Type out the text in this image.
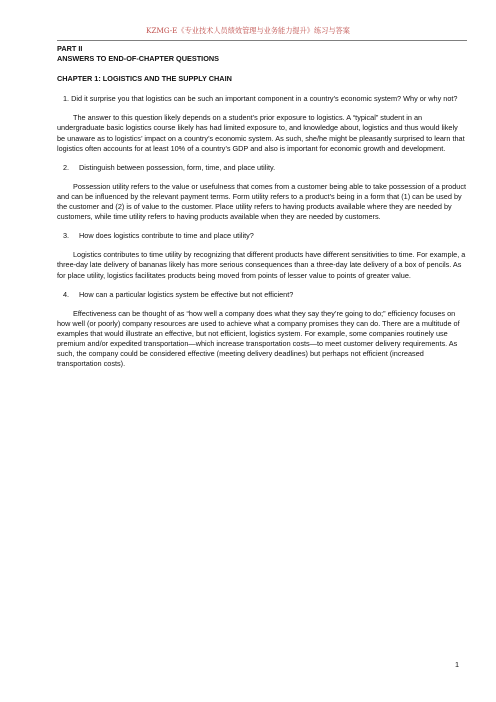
KZMG-E《专业技术人员绩效管理与业务能力提升》练习与答案

PART II

ANSWERS TO END-OF-CHAPTER QUESTIONS

CHAPTER 1: LOGISTICS AND THE SUPPLY CHAIN

1. Did it surprise you that logistics can be such an important component in a country’s economic system? Why or why not?

The answer to this question likely depends on a student’s prior exposure to logistics. A “typical” student in an undergraduate basic logistics course likely has had limited exposure to, and knowledge about, logistics and thus would likely be unaware as to logistics’ impact on a country’s economic system. As such, she/he might be pleasantly surprised to learn that logistics often accounts for at least 10% of a country’s GDP and also is important for economic growth and development.

2.	Distinguish between possession, form, time, and place utility.

Possession utility refers to the value or usefulness that comes from a customer being able to take possession of a product and can be influenced by the relevant payment terms. Form utility refers to a product’s being in a form that (1) can be used by the customer and (2) is of value to the customer. Place utility refers to having products available where they are needed by customers, while time utility refers to having products available when they are needed by customers.

3.	How does logistics contribute to time and place utility?

Logistics contributes to time utility by recognizing that different products have different sensitivities to time. For example, a three-day late delivery of bananas likely has more serious consequences than a three-day late delivery of a box of pencils. As for place utility, logistics facilitates products being moved from points of lesser value to points of greater value.

4.	How can a particular logistics system be effective but not efficient?

Effectiveness can be thought of as “how well a company does what they say they’re going to do;” efficiency focuses on how well (or poorly) company resources are used to achieve what a company promises they can do. There are a multitude of examples that would illustrate an effective, but not efficient, logistics system. For example, some companies routinely use premium and/or expedited transportation—which increase transportation costs—to meet customer delivery requirements. As such, the company could be considered effective (meeting delivery deadlines) but perhaps not efficient (increased transportation costs).

1
